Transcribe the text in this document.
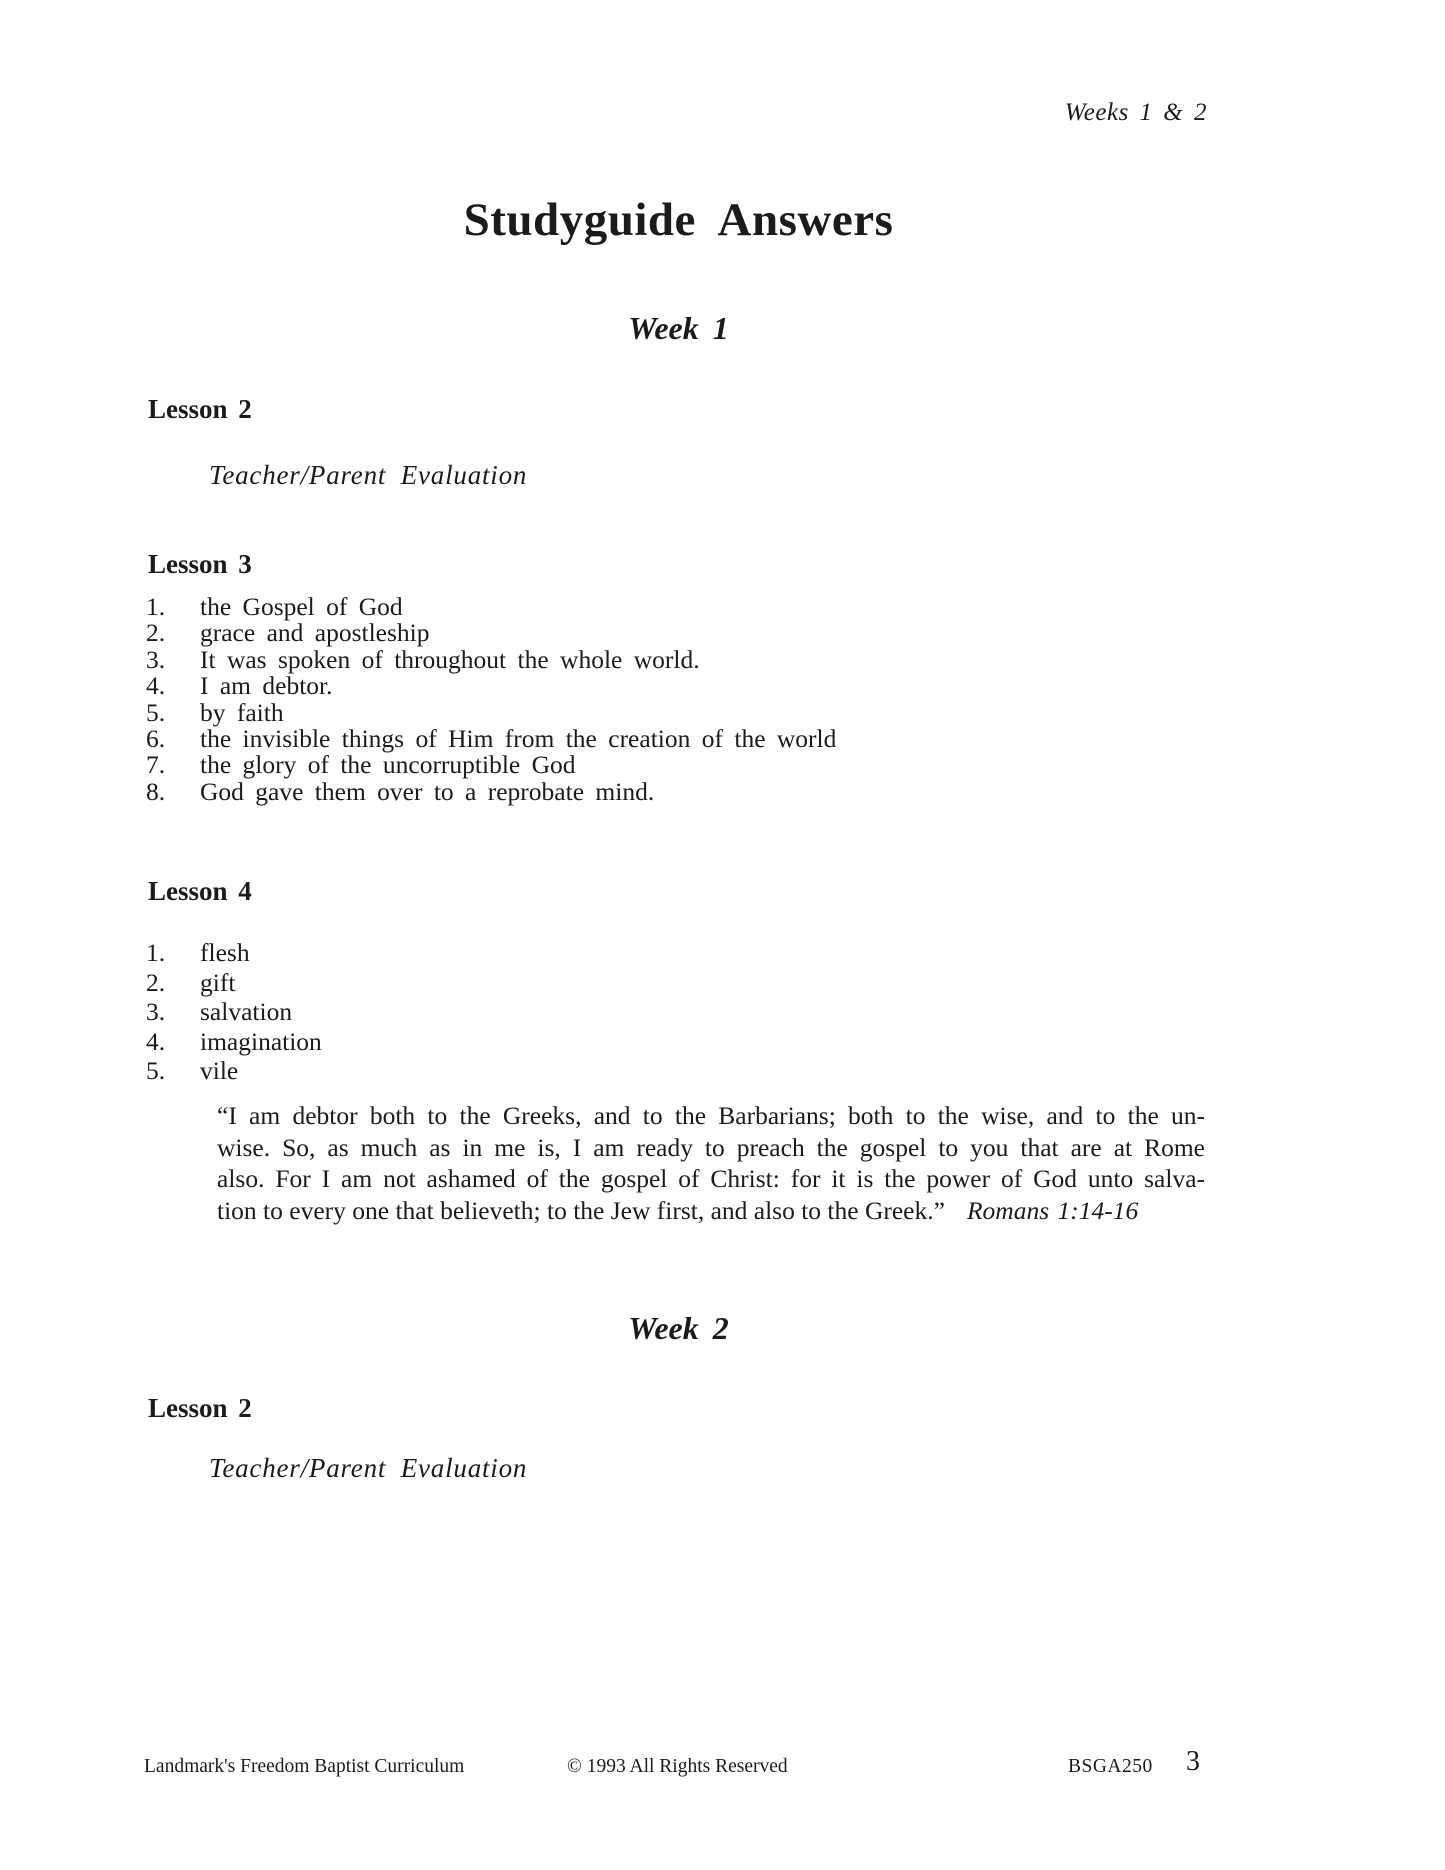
Weeks 1 & 2
Studyguide Answers
Week 1
Lesson 2
Teacher/Parent Evaluation
Lesson 3
1.	the Gospel of God
2.	grace and apostleship
3.	It was spoken of throughout the whole world.
4.	I am debtor.
5.	by faith
6.	the invisible things of Him from the creation of the world
7.	the glory of the uncorruptible God
8.	God gave them over to a reprobate mind.
Lesson 4
1.	flesh
2.	gift
3.	salvation
4.	imagination
5.	vile
“I am debtor both to the Greeks, and to the Barbarians; both to the wise, and to the un-
wise. So, as much as in me is, I am ready to preach the gospel to you that are at Rome
also. For I am not ashamed of the gospel of Christ: for it is the power of God unto salva-
tion to every one that believeth; to the Jew first, and also to the Greek.” Romans 1:14-16
Week 2
Lesson 2
Teacher/Parent Evaluation
Landmark's Freedom Baptist Curriculum	© 1993 All Rights Reserved	BSGA250 3
